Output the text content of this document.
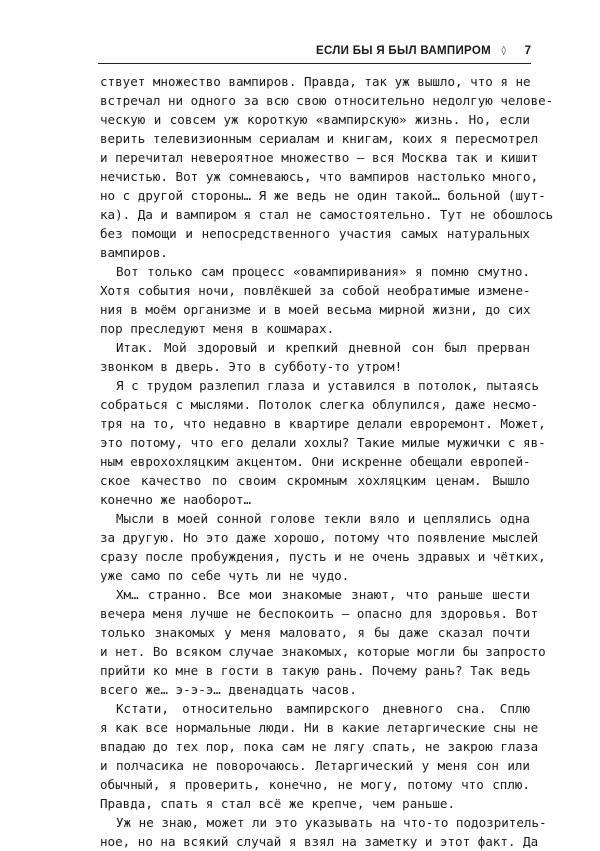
ЕСЛИ БЫ Я БЫЛ ВАМПИРОМ ◊ 7
ствует множество вампиров. Правда, так уж вышло, что я не
встречал ни одного за всю свою относительно недолгую челове-
ческую и совсем уж короткую «вампирскую» жизнь. Но, если
верить телевизионным сериалам и книгам, коих я пересмотрел
и перечитал невероятное множество — вся Москва так и кишит
нечистью. Вот уж сомневаюсь, что вампиров настолько много,
но с другой стороны… Я же ведь не один такой… больной (шут-
ка). Да и вампиром я стал не самостоятельно. Тут не обошлось
без помощи и непосредственного участия самых натуральных
вампиров.
Вот только сам процесс «овампиривания» я помню смутно.
Хотя события ночи, повлёкшей за собой необратимые измене-
ния в моём организме и в моей весьма мирной жизни, до сих
пор преследуют меня в кошмарах.
Итак. Мой здоровый и крепкий дневной сон был прерван
звонком в дверь. Это в субботу-то утром!
Я с трудом разлепил глаза и уставился в потолок, пытаясь
собраться с мыслями. Потолок слегка облупился, даже несмо-
тря на то, что недавно в квартире делали евроремонт. Может,
это потому, что его делали хохлы? Такие милые мужички с яв-
ным еврохохляцким акцентом. Они искренне обещали европей-
ское качество по своим скромным хохляцким ценам. Вышло
конечно же наоборот…
Мысли в моей сонной голове текли вяло и цеплялись одна
за другую. Но это даже хорошо, потому что появление мыслей
сразу после пробуждения, пусть и не очень здравых и чётких,
уже само по себе чуть ли не чудо.
Хм… странно. Все мои знакомые знают, что раньше шести
вечера меня лучше не беспокоить — опасно для здоровья. Вот
только знакомых у меня маловато, я бы даже сказал почти
и нет. Во всяком случае знакомых, которые могли бы запросто
прийти ко мне в гости в такую рань. Почему рань? Так ведь
всего же… э-э-э… двенадцать часов.
Кстати, относительно вампирского дневного сна. Сплю
я как все нормальные люди. Ни в какие летаргические сны не
впадаю до тех пор, пока сам не лягу спать, не закрою глаза
и полчасика не поворочаюсь. Летаргический у меня сон или
обычный, я проверить, конечно, не могу, потому что сплю.
Правда, спать я стал всё же крепче, чем раньше.
Уж не знаю, может ли это указывать на что-то подозритель-
ное, но на всякий случай я взял на заметку и этот факт. Да
